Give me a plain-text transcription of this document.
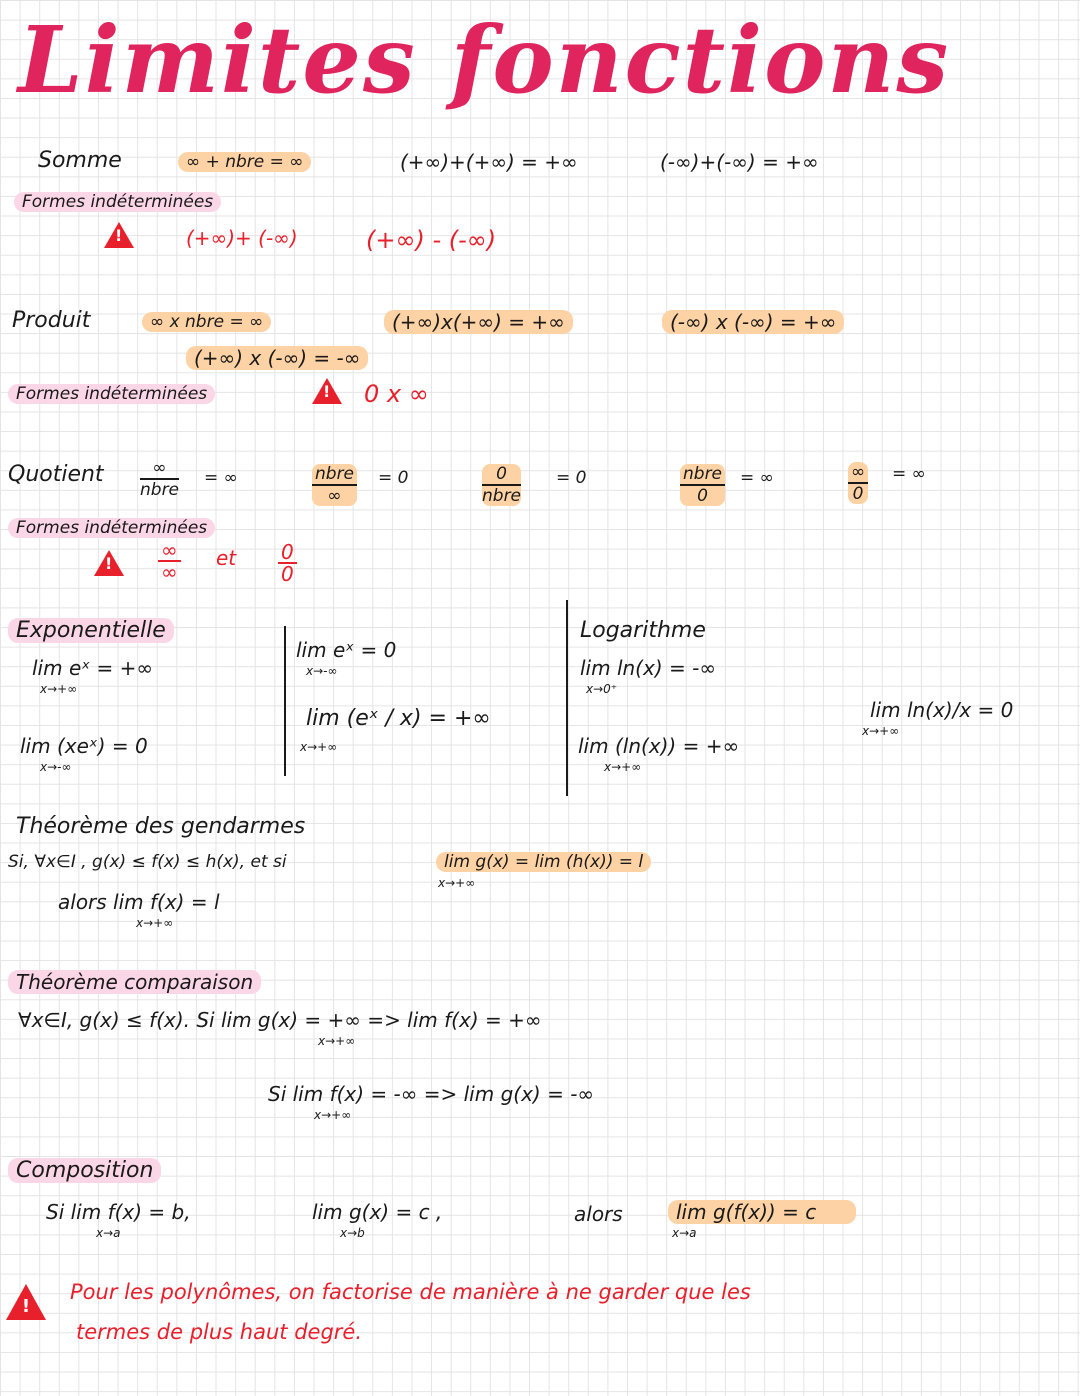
Limites fonctions
Somme	∞ + nbre = ∞	(+∞)+(+∞) = +∞	(-∞)+(-∞) = +∞
Formes indéterminées
!
(+∞)+ (-∞)	(+∞) - (-∞)
Produit	∞ x nbre = ∞	(+∞)x(+∞) = +∞	(-∞) x (-∞) = +∞
(+∞) x (-∞) = -∞
Formes indéterminées
!	0 x ∞
Quotient	∞
nbre
= ∞	nbre
∞
= 0	0
nbre
= 0	nbre
0
= ∞	∞
0
= ∞
Formes indéterminées
!
∞
∞
et $\frac{0}{0}$
Exponentielle
lim eˣ = +∞
x→+∞
lim (xeˣ) = 0
x→-∞
lim eˣ = 0
x→-∞
lim (eˣ / x) = +∞
x→+∞
Logarithme
lim ln(x) = -∞
x→0⁺
lim (ln(x)) = +∞
x→+∞
lim ln(x)/x = 0
x→+∞
Théorème des gendarmes
Si, ∀x∈I , g(x) ≤ f(x) ≤ h(x), et si	lim g(x) = lim (h(x)) = l
x→+∞
alors lim f(x) = l
x→+∞
Théorème comparaison
∀x∈I, g(x) ≤ f(x). Si lim g(x) = +∞ => lim f(x) = +∞
x→+∞
Si lim f(x) = -∞ => lim g(x) = -∞
x→+∞
Composition
Si lim f(x) = b,
x→a
lim g(x) = c ,
x→b
alors	lim g(f(x)) = c
x→a
!
Pour les polynômes, on factorise de manière à ne garder que les
termes de plus haut degré.
